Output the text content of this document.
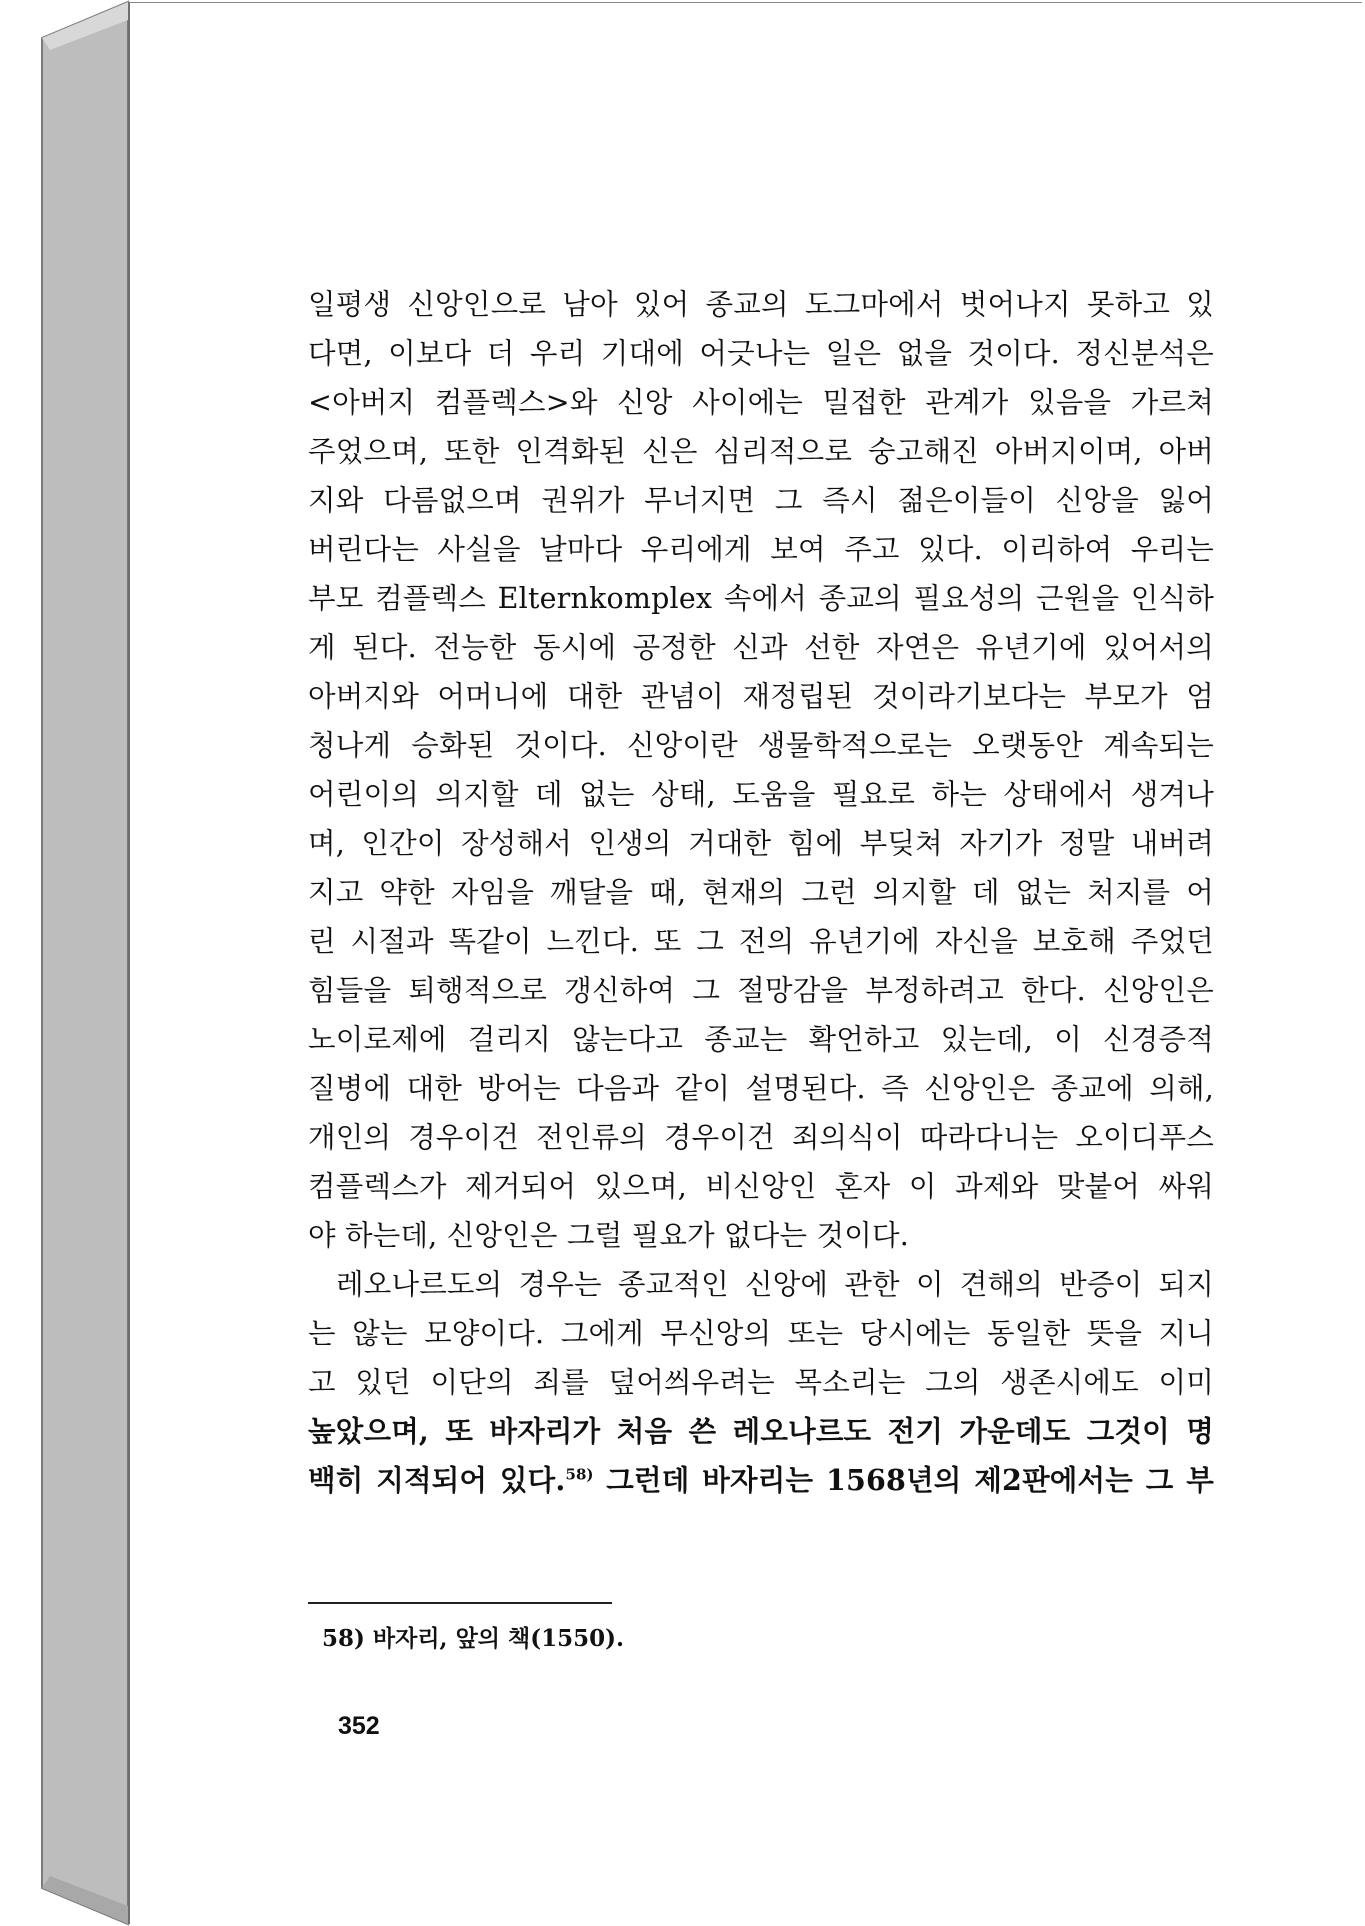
일평생 신앙인으로 남아 있어 종교의 도그마에서 벗어나지 못하고 있
다면, 이보다 더 우리 기대에 어긋나는 일은 없을 것이다. 정신분석은
<아버지 컴플렉스>와 신앙 사이에는 밀접한 관계가 있음을 가르쳐
주었으며, 또한 인격화된 신은 심리적으로 숭고해진 아버지이며, 아버
지와 다름없으며 권위가 무너지면 그 즉시 젊은이들이 신앙을 잃어
버린다는 사실을 날마다 우리에게 보여 주고 있다. 이리하여 우리는
부모 컴플렉스 Elternkomplex 속에서 종교의 필요성의 근원을 인식하
게 된다. 전능한 동시에 공정한 신과 선한 자연은 유년기에 있어서의
아버지와 어머니에 대한 관념이 재정립된 것이라기보다는 부모가 엄
청나게 승화된 것이다. 신앙이란 생물학적으로는 오랫동안 계속되는
어린이의 의지할 데 없는 상태, 도움을 필요로 하는 상태에서 생겨나
며, 인간이 장성해서 인생의 거대한 힘에 부딪쳐 자기가 정말 내버려
지고 약한 자임을 깨달을 때, 현재의 그런 의지할 데 없는 처지를 어
린 시절과 똑같이 느낀다. 또 그 전의 유년기에 자신을 보호해 주었던
힘들을 퇴행적으로 갱신하여 그 절망감을 부정하려고 한다. 신앙인은
노이로제에 걸리지 않는다고 종교는 확언하고 있는데, 이 신경증적
질병에 대한 방어는 다음과 같이 설명된다. 즉 신앙인은 종교에 의해,
개인의 경우이건 전인류의 경우이건 죄의식이 따라다니는 오이디푸스
컴플렉스가 제거되어 있으며, 비신앙인 혼자 이 과제와 맞붙어 싸워
야 하는데, 신앙인은 그럴 필요가 없다는 것이다.
레오나르도의 경우는 종교적인 신앙에 관한 이 견해의 반증이 되지
는 않는 모양이다. 그에게 무신앙의 또는 당시에는 동일한 뜻을 지니
고 있던 이단의 죄를 덮어씌우려는 목소리는 그의 생존시에도 이미
높았으며, 또 바자리가 처음 쓴 레오나르도 전기 가운데도 그것이 명
백히 지적되어 있다.$^{58)}$ 그런데 바자리는 1568년의 제2판에서는 그 부
58) 바자리, 앞의 책(1550).
352
